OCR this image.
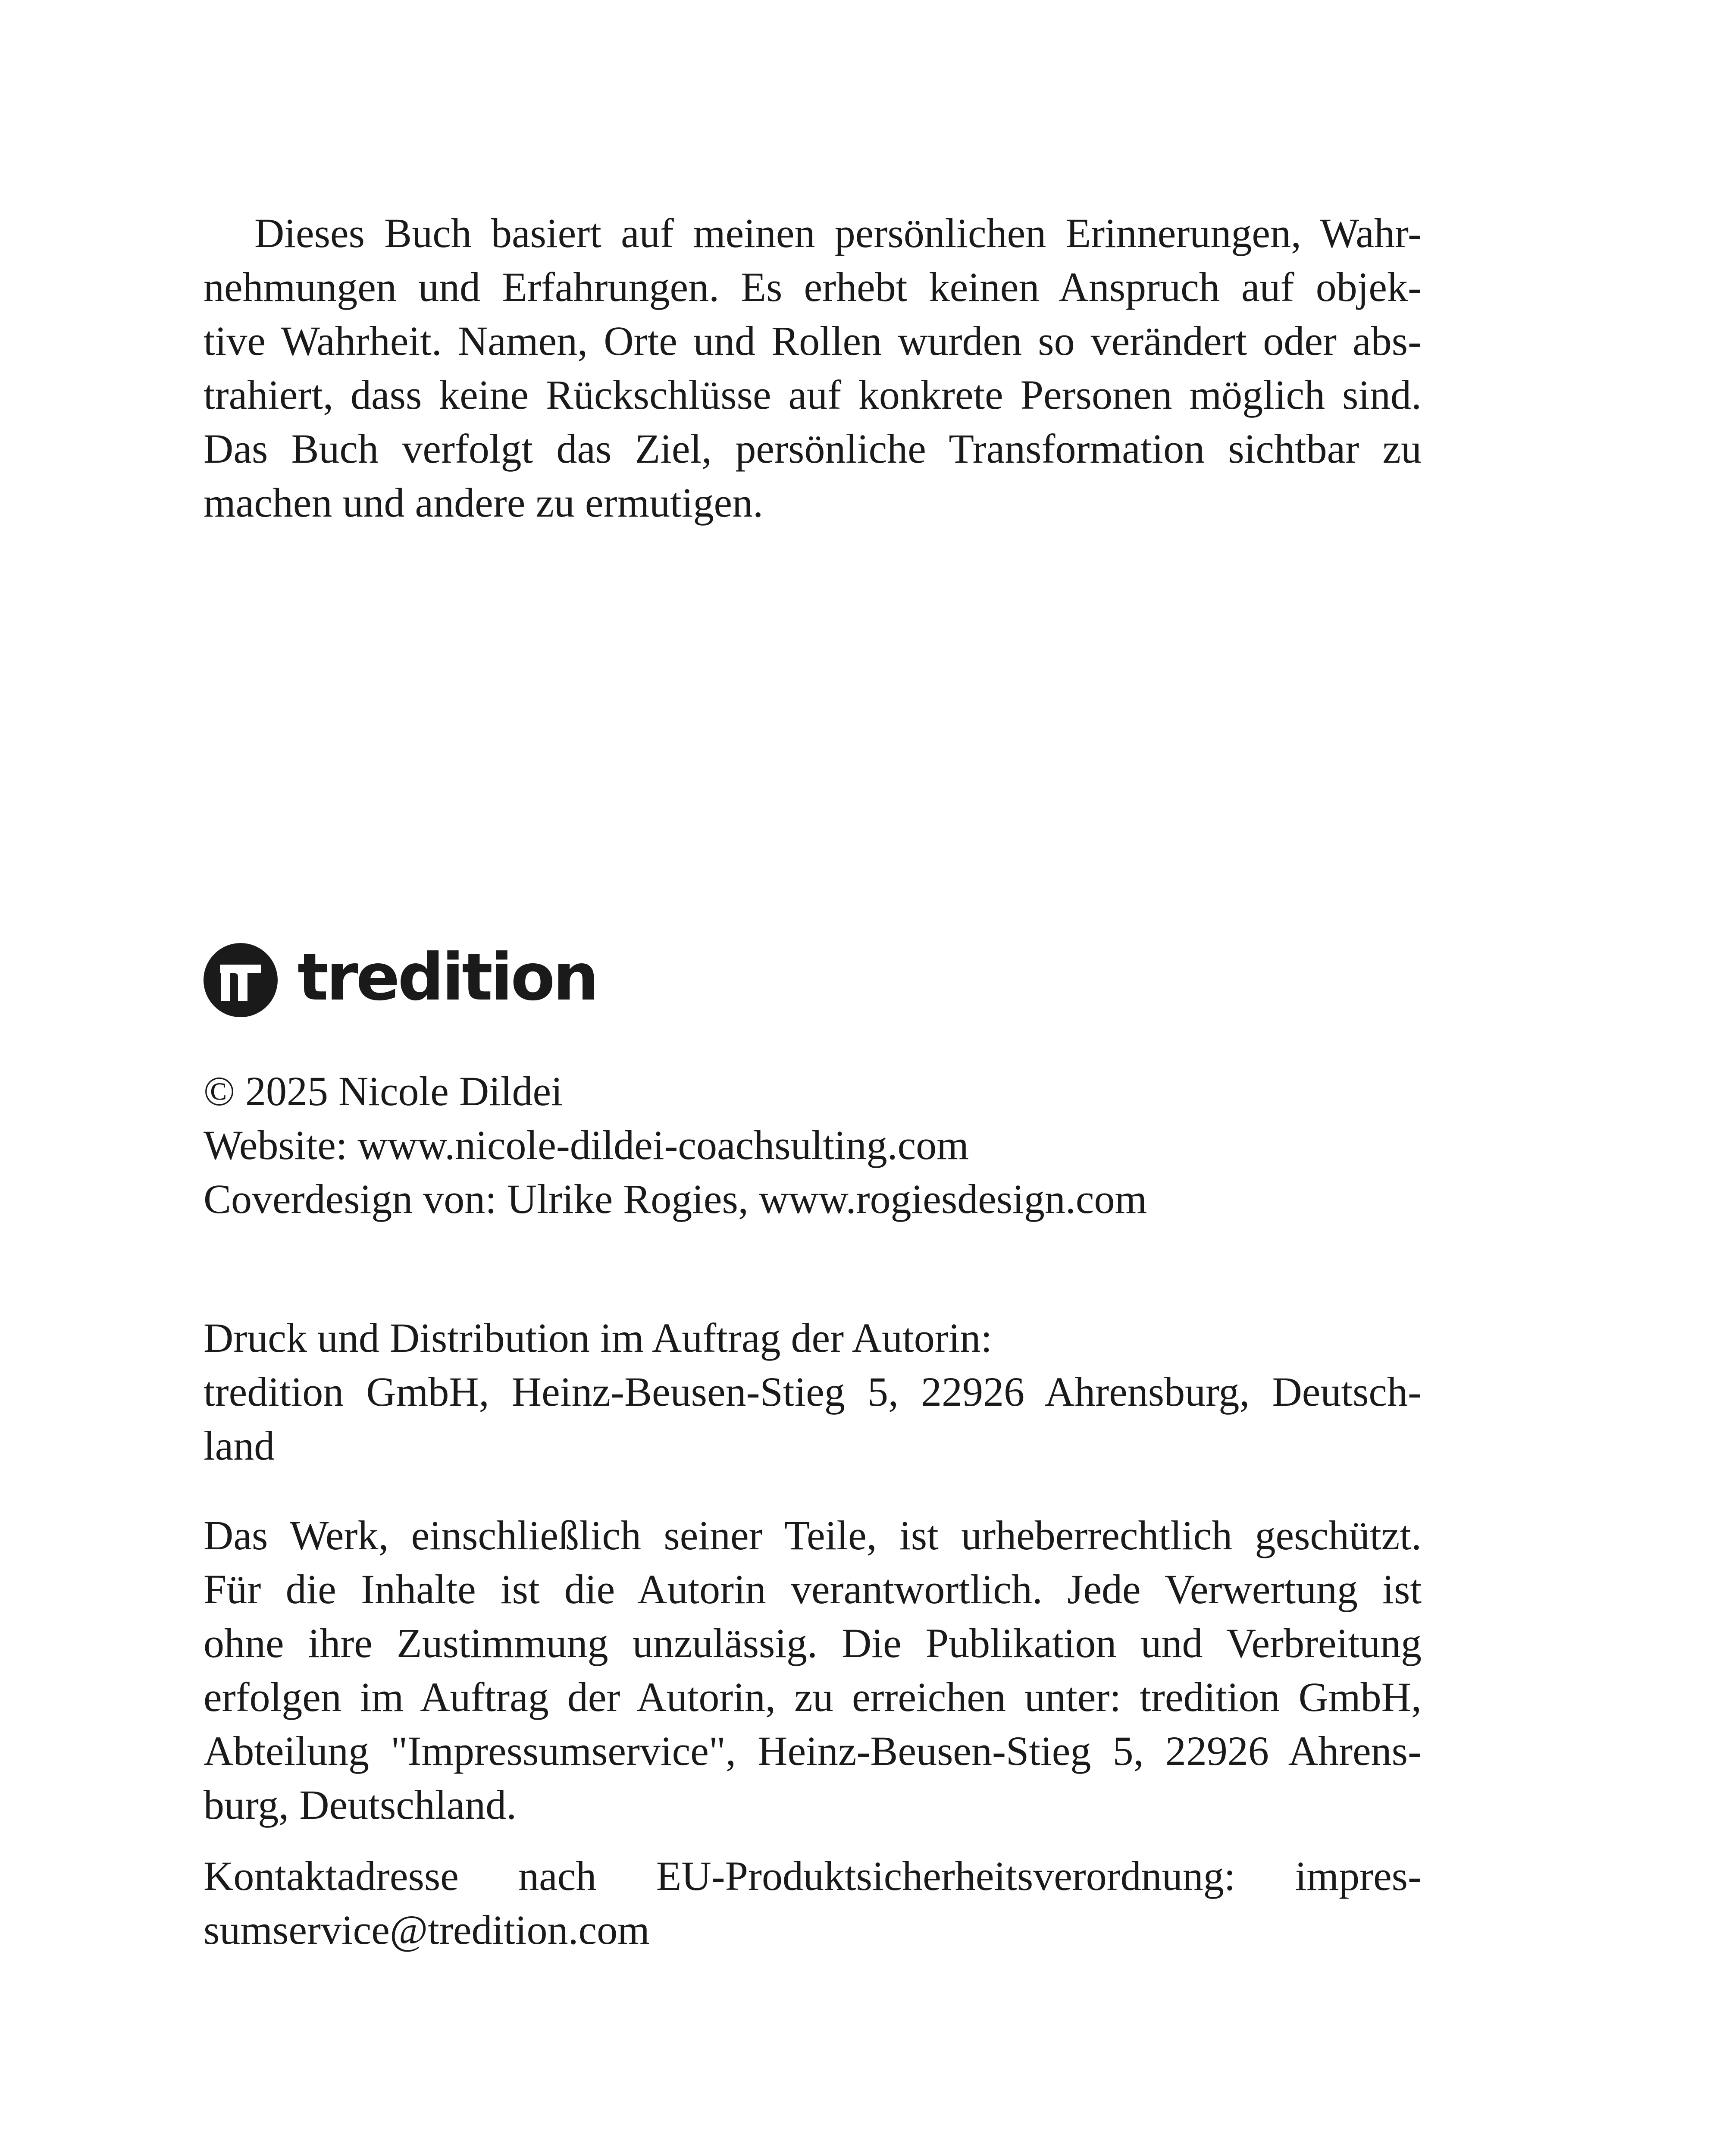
Dieses Buch basiert auf meinen persönlichen Erinnerungen, Wahr-
nehmungen und Erfahrungen. Es erhebt keinen Anspruch auf objek-
tive Wahrheit. Namen, Orte und Rollen wurden so verändert oder abs-
trahiert, dass keine Rückschlüsse auf konkrete Personen möglich sind.
Das Buch verfolgt das Ziel, persönliche Transformation sichtbar zu
machen und andere zu ermutigen.
tredition
© 2025 Nicole Dildei
Website: www.nicole-dildei-coachsulting.com
Coverdesign von: Ulrike Rogies, www.rogiesdesign.com
Druck und Distribution im Auftrag der Autorin:
tredition GmbH, Heinz-Beusen-Stieg 5, 22926 Ahrensburg, Deutsch-
land
Das Werk, einschließlich seiner Teile, ist urheberrechtlich geschützt.
Für die Inhalte ist die Autorin verantwortlich. Jede Verwertung ist
ohne ihre Zustimmung unzulässig. Die Publikation und Verbreitung
erfolgen im Auftrag der Autorin, zu erreichen unter: tredition GmbH,
Abteilung "Impressumservice", Heinz-Beusen-Stieg 5, 22926 Ahrens-
burg, Deutschland.
Kontaktadresse nach EU-Produktsicherheitsverordnung: impres-
sumservice@tredition.com
